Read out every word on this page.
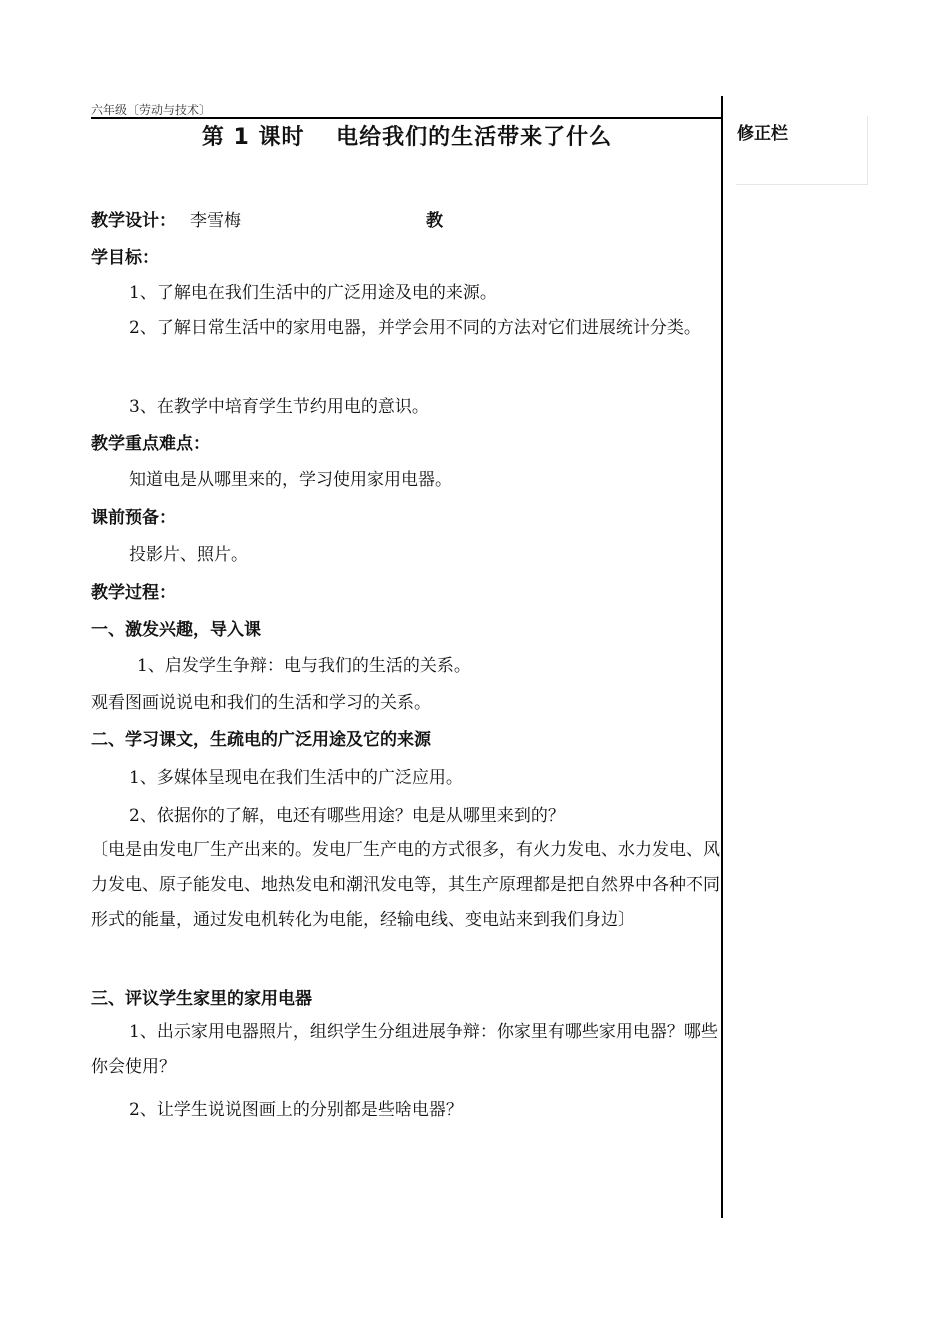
六年级〔劳动与技术〕
第 1 课时　 电给我们的生活带来了什么	修正栏
教学设计： 李雪梅	教
学目标：
1、了解电在我们生活中的广泛用途及电的来源。
2、了解日常生活中的家用电器，并学会用不同的方法对它们进展统计分类。
3、在教学中培育学生节约用电的意识。
教学重点难点：
知道电是从哪里来的，学习使用家用电器。
课前预备：
投影片、照片。
教学过程：
一、激发兴趣，导入课
1、启发学生争辩：电与我们的生活的关系。
观看图画说说电和我们的生活和学习的关系。
二、学习课文，生疏电的广泛用途及它的来源
1、多媒体呈现电在我们生活中的广泛应用。
2、依据你的了解，电还有哪些用途？电是从哪里来到的？
〔电是由发电厂生产出来的。发电厂生产电的方式很多，有火力发电、水力发电、风力发电、原子能发电、地热发电和潮汛发电等，其生产原理都是把自然界中各种不同形式的能量，通过发电机转化为电能，经输电线、变电站来到我们身边〕
三、评议学生家里的家用电器
1、出示家用电器照片，组织学生分组进展争辩：你家里有哪些家用电器？哪些你会使用？
2、让学生说说图画上的分别都是些啥电器？
